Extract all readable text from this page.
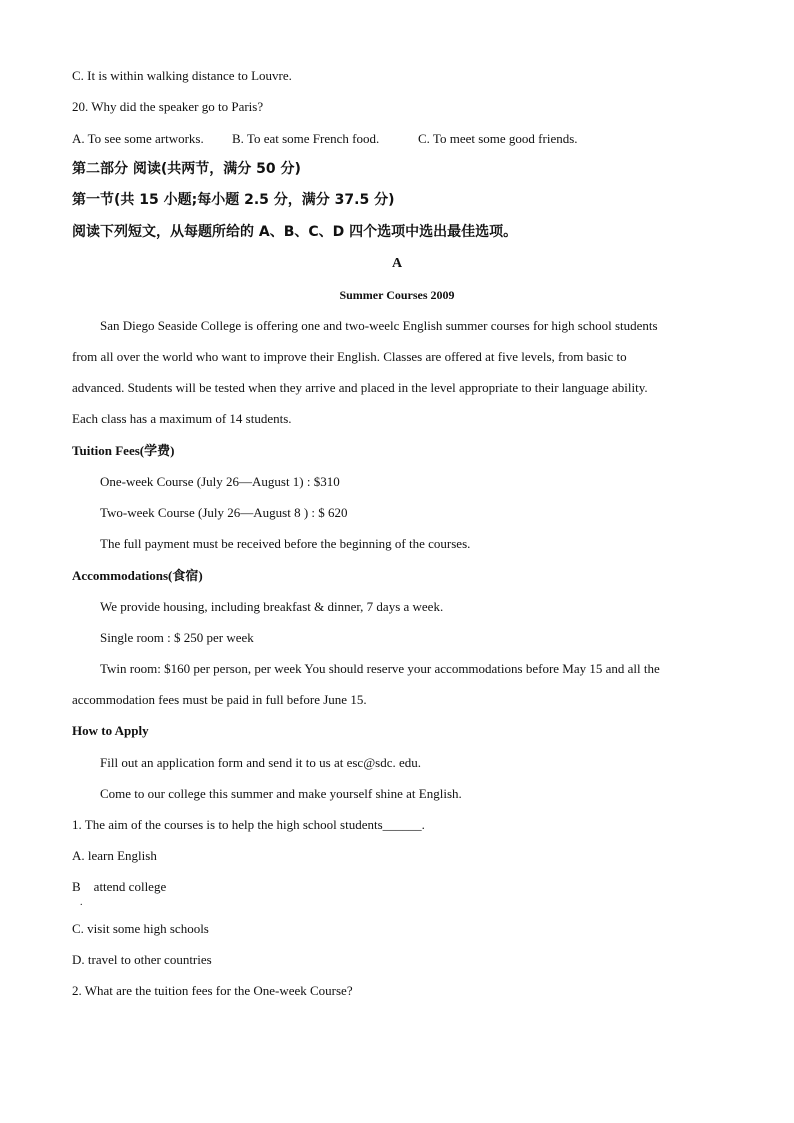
C. It is within walking distance to Louvre.
20. Why did the speaker go to Paris?
A. To see some artworks. B. To eat some French food.	C. To meet some good friends.
第二部分 阅读(共两节，满分 50 分)
第一节(共 15 小题;每小题 2.5 分，满分 37.5 分)
阅读下列短文，从每题所给的 A、B、C、D 四个选项中选出最佳选项。
A
Summer Courses 2009
San Diego Seaside College is offering one and two-weelc English summer courses for high school students
from all over the world who want to improve their English. Classes are offered at five levels, from basic to
advanced. Students will be tested when they arrive and placed in the level appropriate to their language ability.
Each class has a maximum of 14 students.
Tuition Fees(学费)
One-week Course (July 26—August 1) : $310
Two-week Course (July 26—August 8 ) : $ 620
The full payment must be received before the beginning of the courses.
Accommodations(食宿)
We provide housing, including breakfast & dinner, 7 days a week.
Single room : $ 250 per week
Twin room: $160 per person, per week You should reserve your accommodations before May 15 and all the
accommodation fees must be paid in full before June 15.
How to Apply
Fill out an application form and send it to us at esc@sdc. edu.
Come to our college this summer and make yourself shine at English.
1. The aim of the courses is to help the high school students______.
A. learn English
B    attend college
.
C. visit some high schools
D. travel to other countries
2. What are the tuition fees for the One-week Course?
